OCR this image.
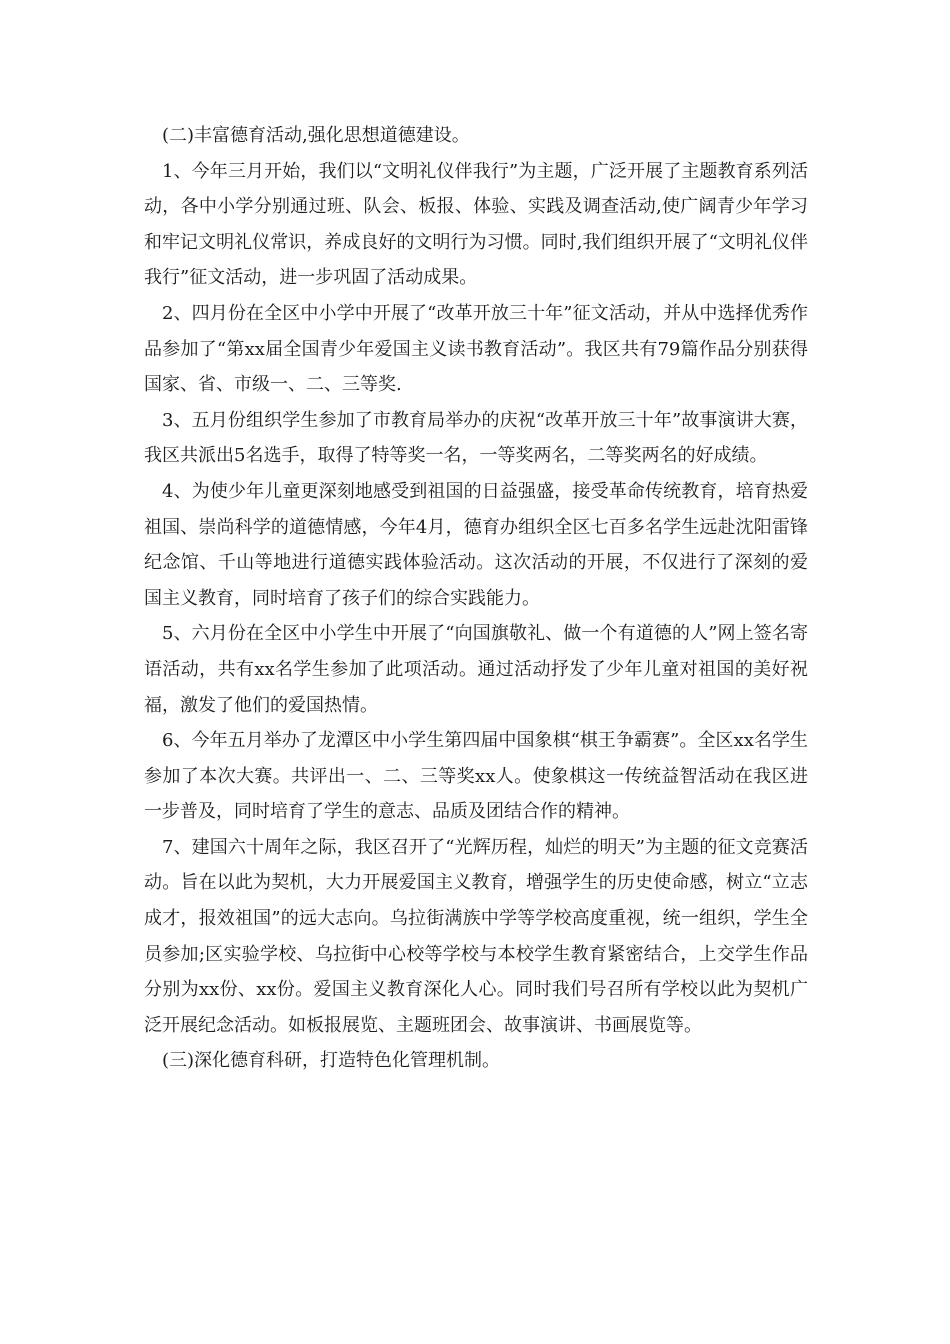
(二)丰富德育活动,强化思想道德建设。

1、今年三月开始，我们以“文明礼仪伴我行”为主题，广泛开展了主题教育系列活动，各中小学分别通过班、队会、板报、体验、实践及调查活动,使广阔青少年学习和牢记文明礼仪常识，养成良好的文明行为习惯。同时,我们组织开展了“文明礼仪伴我行”征文活动，进一步巩固了活动成果。

2、四月份在全区中小学中开展了“改革开放三十年”征文活动，并从中选择优秀作品参加了“第xx届全国青少年爱国主义读书教育活动”。我区共有79篇作品分别获得国家、省、市级一、二、三等奖.

3、五月份组织学生参加了市教育局举办的庆祝“改革开放三十年”故事演讲大赛，我区共派出5名选手，取得了特等奖一名，一等奖两名，二等奖两名的好成绩。

4、为使少年儿童更深刻地感受到祖国的日益强盛，接受革命传统教育，培育热爱祖国、崇尚科学的道德情感，今年4月，德育办组织全区七百多名学生远赴沈阳雷锋纪念馆、千山等地进行道德实践体验活动。这次活动的开展，不仅进行了深刻的爱国主义教育，同时培育了孩子们的综合实践能力。

5、六月份在全区中小学生中开展了“向国旗敬礼、做一个有道德的人”网上签名寄语活动，共有xx名学生参加了此项活动。通过活动抒发了少年儿童对祖国的美好祝福，激发了他们的爱国热情。

6、今年五月举办了龙潭区中小学生第四届中国象棋“棋王争霸赛”。全区xx名学生参加了本次大赛。共评出一、二、三等奖xx人。使象棋这一传统益智活动在我区进一步普及，同时培育了学生的意志、品质及团结合作的精神。

7、建国六十周年之际，我区召开了“光辉历程，灿烂的明天”为主题的征文竞赛活动。旨在以此为契机，大力开展爱国主义教育，增强学生的历史使命感，树立“立志成才，报效祖国”的远大志向。乌拉街满族中学等学校高度重视，统一组织，学生全员参加;区实验学校、乌拉街中心校等学校与本校学生教育紧密结合，上交学生作品分别为xx份、xx份。爱国主义教育深化人心。同时我们号召所有学校以此为契机广泛开展纪念活动。如板报展览、主题班团会、故事演讲、书画展览等。

(三)深化德育科研，打造特色化管理机制。
